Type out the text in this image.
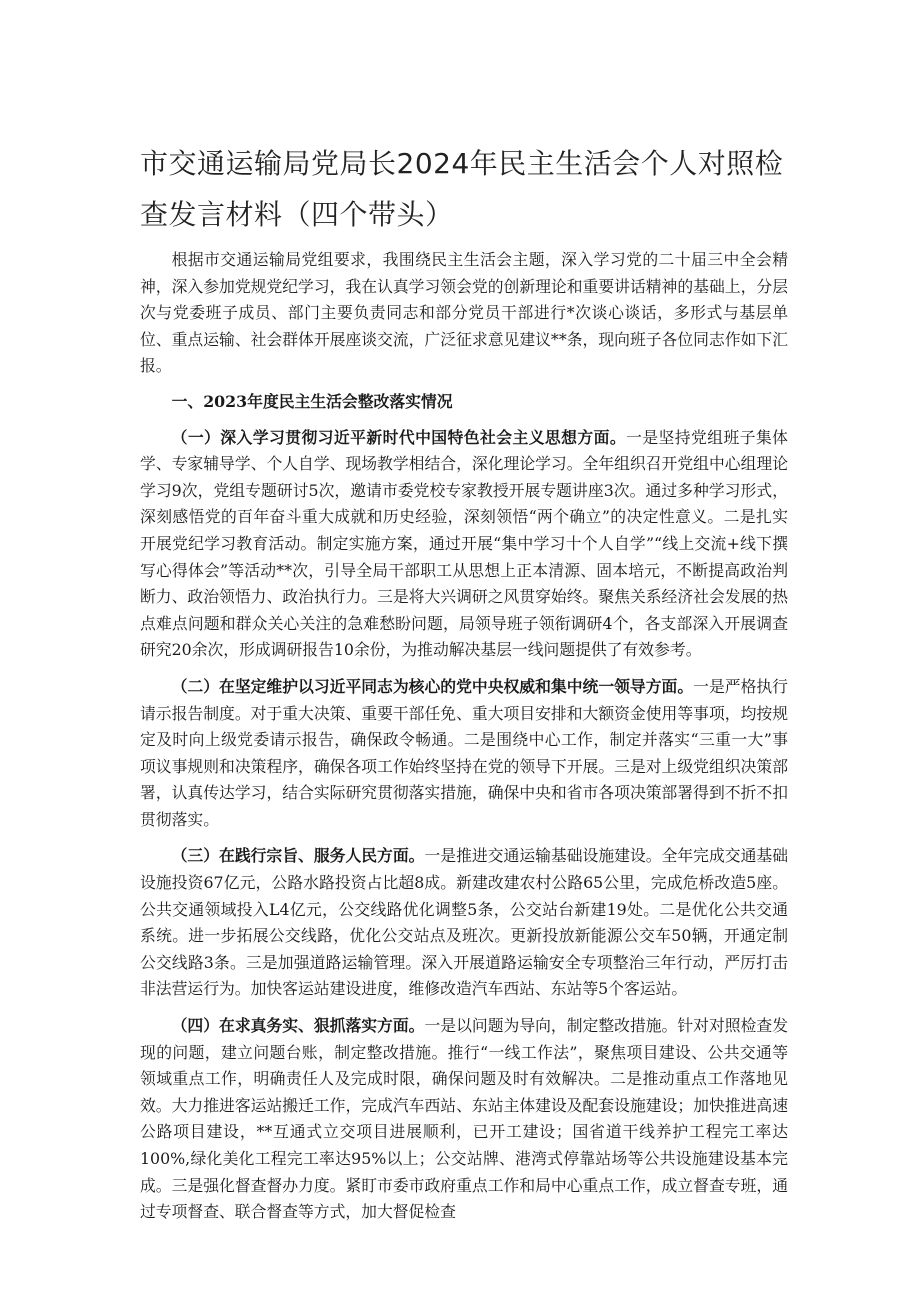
市交通运输局党局长2024年民主生活会个人对照检查发言材料（四个带头）

根据市交通运输局党组要求，我围绕民主生活会主题，深入学习党的二十届三中全会精神，深入参加党规党纪学习，我在认真学习领会党的创新理论和重要讲话精神的基础上，分层次与党委班子成员、部门主要负责同志和部分党员干部进行*次谈心谈话，多形式与基层单位、重点运输、社会群体开展座谈交流，广泛征求意见建议**条，现向班子各位同志作如下汇报。

一、2023年度民主生活会整改落实情况

（一）深入学习贯彻习近平新时代中国特色社会主义思想方面。一是坚持党组班子集体学、专家辅导学、个人自学、现场教学相结合，深化理论学习。全年组织召开党组中心组理论学习9次，党组专题研讨5次，邀请市委党校专家教授开展专题讲座3次。通过多种学习形式，深刻感悟党的百年奋斗重大成就和历史经验，深刻领悟“两个确立”的决定性意义。二是扎实开展党纪学习教育活动。制定实施方案，通过开展“集中学习十个人自学”“线上交流+线下撰写心得体会”等活动**次，引导全局干部职工从思想上正本清源、固本培元，不断提高政治判断力、政治领悟力、政治执行力。三是将大兴调研之风贯穿始终。聚焦关系经济社会发展的热点难点问题和群众关心关注的急难愁盼问题，局领导班子领衔调研4个，各支部深入开展调查研究20余次，形成调研报告10余份，为推动解决基层一线问题提供了有效参考。

（二）在坚定维护以习近平同志为核心的党中央权威和集中统一领导方面。一是严格执行请示报告制度。对于重大决策、重要干部任免、重大项目安排和大额资金使用等事项，均按规定及时向上级党委请示报告，确保政令畅通。二是围绕中心工作，制定并落实“三重一大”事项议事规则和决策程序，确保各项工作始终坚持在党的领导下开展。三是对上级党组织决策部署，认真传达学习，结合实际研究贯彻落实措施，确保中央和省市各项决策部署得到不折不扣贯彻落实。

（三）在践行宗旨、服务人民方面。一是推进交通运输基础设施建设。全年完成交通基础设施投资67亿元，公路水路投资占比超8成。新建改建农村公路65公里，完成危桥改造5座。公共交通领域投入L4亿元，公交线路优化调整5条，公交站台新建19处。二是优化公共交通系统。进一步拓展公交线路，优化公交站点及班次。更新投放新能源公交车50辆，开通定制公交线路3条。三是加强道路运输管理。深入开展道路运输安全专项整治三年行动，严厉打击非法营运行为。加快客运站建设进度，维修改造汽车西站、东站等5个客运站。

（四）在求真务实、狠抓落实方面。一是以问题为导向，制定整改措施。针对对照检查发现的问题，建立问题台账，制定整改措施。推行“一线工作法”，聚焦项目建设、公共交通等领域重点工作，明确责任人及完成时限，确保问题及时有效解决。二是推动重点工作落地见效。大力推进客运站搬迁工作，完成汽车西站、东站主体建设及配套设施建设；加快推进高速公路项目建设，**互通式立交项目进展顺利，已开工建设；国省道干线养护工程完工率达100%,绿化美化工程完工率达95%以上；公交站牌、港湾式停靠站场等公共设施建设基本完成。三是强化督查督办力度。紧盯市委市政府重点工作和局中心重点工作，成立督查专班，通过专项督查、联合督查等方式，加大督促检查
